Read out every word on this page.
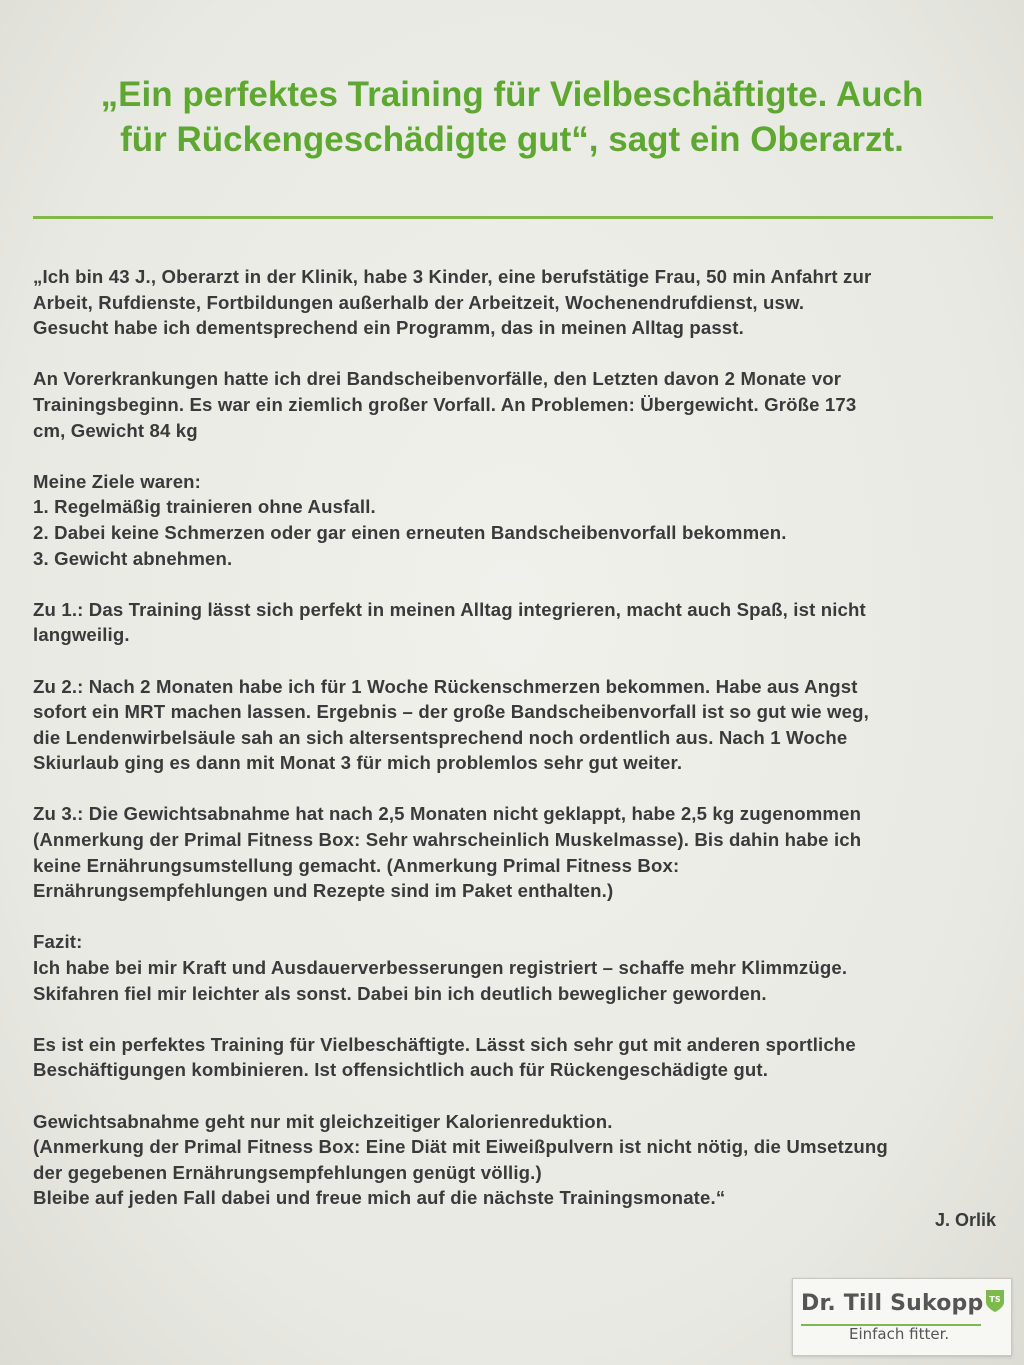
„Ein perfektes Training für Vielbeschäftigte. Auch
für Rückengeschädigte gut“, sagt ein Oberarzt.

„Ich bin 43 J., Oberarzt in der Klinik, habe 3 Kinder, eine berufstätige Frau, 50 min Anfahrt zur
Arbeit, Rufdienste, Fortbildungen außerhalb der Arbeitzeit, Wochenendrufdienst, usw.
Gesucht habe ich dementsprechend ein Programm, das in meinen Alltag passt.

An Vorerkrankungen hatte ich drei Bandscheibenvorfälle, den Letzten davon 2 Monate vor
Trainingsbeginn. Es war ein ziemlich großer Vorfall. An Problemen: Übergewicht. Größe 173
cm, Gewicht 84 kg

Meine Ziele waren:
1. Regelmäßig trainieren ohne Ausfall.
2. Dabei keine Schmerzen oder gar einen erneuten Bandscheibenvorfall bekommen.
3. Gewicht abnehmen.

Zu 1.: Das Training lässt sich perfekt in meinen Alltag integrieren, macht auch Spaß, ist nicht
langweilig.

Zu 2.: Nach 2 Monaten habe ich für 1 Woche Rückenschmerzen bekommen. Habe aus Angst
sofort ein MRT machen lassen. Ergebnis – der große Bandscheibenvorfall ist so gut wie weg,
die Lendenwirbelsäule sah an sich altersentsprechend noch ordentlich aus. Nach 1 Woche
Skiurlaub ging es dann mit Monat 3 für mich problemlos sehr gut weiter.

Zu 3.: Die Gewichtsabnahme hat nach 2,5 Monaten nicht geklappt, habe 2,5 kg zugenommen
(Anmerkung der Primal Fitness Box: Sehr wahrscheinlich Muskelmasse). Bis dahin habe ich
keine Ernährungsumstellung gemacht. (Anmerkung Primal Fitness Box:
Ernährungsempfehlungen und Rezepte sind im Paket enthalten.)

Fazit:
Ich habe bei mir Kraft und Ausdauerverbesserungen registriert – schaffe mehr Klimmzüge.
Skifahren fiel mir leichter als sonst. Dabei bin ich deutlich beweglicher geworden.

Es ist ein perfektes Training für Vielbeschäftigte. Lässt sich sehr gut mit anderen sportliche
Beschäftigungen kombinieren. Ist offensichtlich auch für Rückengeschädigte gut.

Gewichtsabnahme geht nur mit gleichzeitiger Kalorienreduktion.
(Anmerkung der Primal Fitness Box: Eine Diät mit Eiweißpulvern ist nicht nötig, die Umsetzung
der gegebenen Ernährungsempfehlungen genügt völlig.)
Bleibe auf jeden Fall dabei und freue mich auf die nächste Trainingsmonate.“

J. Orlik
Dr. Till Sukopp
Einfach fitter.
TS
